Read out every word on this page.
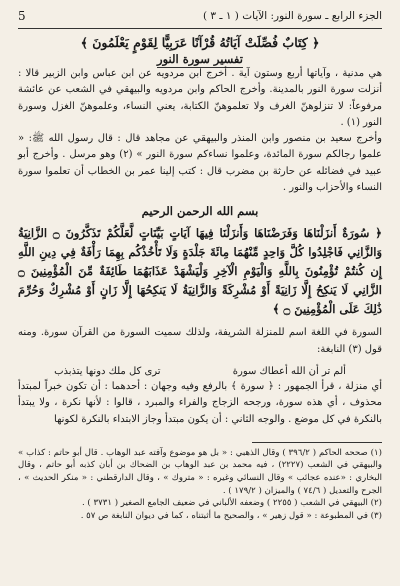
الجزء الرابع ـ سورة النور: الآيات ( ١ ـ ٣ )
5
﴿ كِتَابٌ فُصِّلَتْ آيَاتُهُ قُرْآنًا عَرَبِيًّا لِقَوْمٍ يَعْلَمُونَ ﴾
تفسير سورة النور

هي مدنية ، وآياتها أربع وستون آية . أخرج ابن مردويه عن ابن عباس وابن الزبير قالا : أنزلت سورة النور بالمدينة. وأخرج الحاكم وابن مردويه والبيهقي في الشعب عن عائشة مرفوعاً: لا تنزلوهنّ الغرف ولا تعلموهنّ الكتابة، يعني النساء، وعلموهنّ الغزل وسورة النور (١) .

وأخرج سعيد بن منصور وابن المنذر والبيهقي عن مجاهد قال : قال رسول الله ﷺ: « علموا رجالكم سورة المائدة، وعلموا نساءكم سورة النور » (٢) وهو مرسل . وأخرج أبو عبيد في فضائله عن حارثة بن مضرب قال : كتب إلينا عمر بن الخطاب أن تعلموا سورة النساء والأحزاب والنور .

بسم الله الرحمن الرحيم
﴿ سُورَةٌ أَنزَلْنَاهَا وَفَرَضْنَاهَا وَأَنزَلْنَا فِيهَا آيَاتٍ بَيِّنَاتٍ لَّعَلَّكُمْ تَذَكَّرُونَ ۝ الزَّانِيَةُ وَالزَّانِي فَاجْلِدُوا كُلَّ وَاحِدٍ مِّنْهُمَا مِائَةَ جَلْدَةٍ وَلَا تَأْخُذْكُم بِهِمَا رَأْفَةٌ فِي دِينِ اللَّهِ إِن كُنتُمْ تُؤْمِنُونَ بِاللَّهِ وَالْيَوْمِ الْآخِرِ وَلْيَشْهَدْ عَذَابَهُمَا طَائِفَةٌ مِّنَ الْمُؤْمِنِينَ ۝ الزَّانِي لَا يَنكِحُ إِلَّا زَانِيَةً أَوْ مُشْرِكَةً وَالزَّانِيَةُ لَا يَنكِحُهَا إِلَّا زَانٍ أَوْ مُشْرِكٌ وَحُرِّمَ ذَٰلِكَ عَلَى الْمُؤْمِنِينَ ۝ ﴾

السورة في اللغة اسم للمنزلة الشريفة، ولذلك سميت السورة من القرآن سورة. ومنه قول (٣) النابغة:

ألم تر أن الله أعطاك سورة
ترى كل ملك دونها يتذبذب

أي منزلة ، قرأ الجمهور : ﴿ سورة ﴾ بالرفع وفيه وجهان : أحدهما : أن تكون خبراً لمبتدأ محذوف ، أي هذه سورة، ورجحه الزجاج والفراء والمبرد ، قالوا : لأنها نكرة ، ولا يبتدأ بالنكرة في كل موضع . والوجه الثاني : أن يكون مبتدأ وجاز الابتداء بالنكرة لكونها

(١) صححه الحاكم ( ٣٩٦/٢ ) وقال الذهبي : « بل هو موضوع وآفته عبد الوهاب . قال أبو حاتم : كذاب » والبيهقي في الشعب (٢٢٢٧) ، فيه محمد بن عبد الوهاب بن الضحاك بن أبان كذبه أبو حاتم ، وقال البخاري : «عنده عجائب » وقال النسائي وغيره : « متروك » ، وقال الدارقطني : « منكر الحديث » ، الجرح والتعديل ( ٧٤/٦ ) والميزان ( ١٧٩/٢ ) .

(٢) البيهقي في الشعب ( ٢٢٥٥ ) وضعفه الألباني في ضعيف الجامع الصغير ( ٣٧٣١ ) .

(٣) في المطبوعة : « قول زهير » ، والصحيح ما أثبتناه ، كما في ديوان النابغة ص ٥٧ .
